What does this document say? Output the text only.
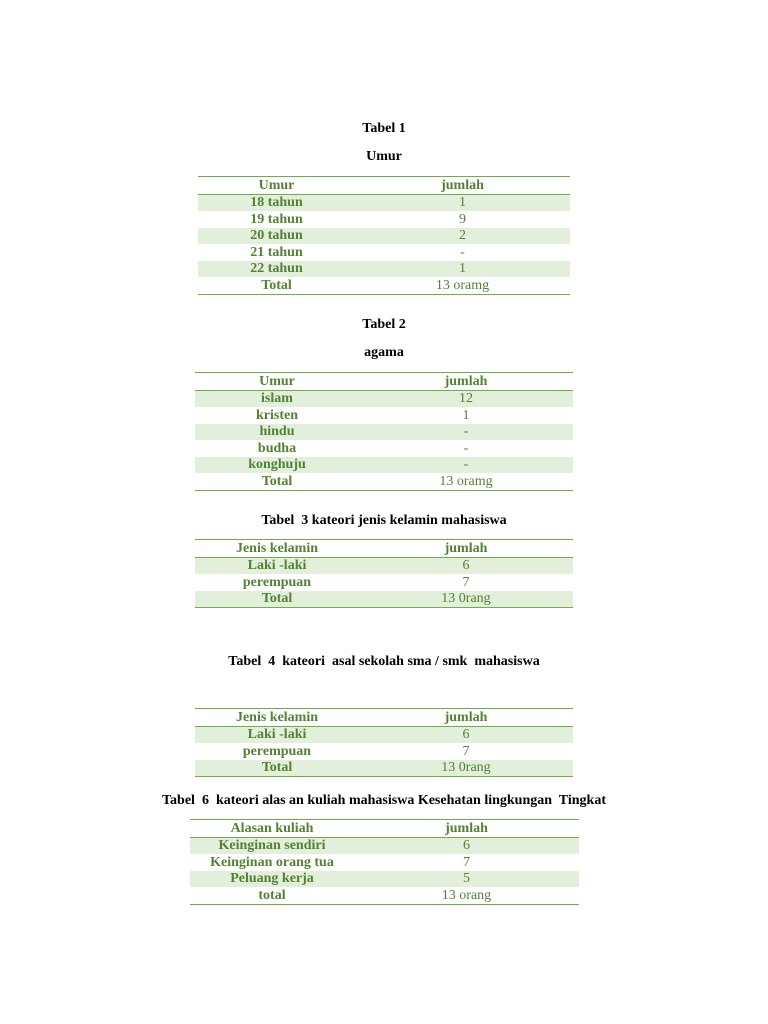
Tabel 1
Umur
Umur	jumlah
18 tahun	1
19 tahun	9
20 tahun	2
21 tahun	-
22 tahun	1
Total	13 oramg
Tabel 2
agama
Umur	jumlah
islam	12
kristen	1
hindu	-
budha	-
konghuju	-
Total	13 oramg
Tabel  3 kateori jenis kelamin mahasiswa
Jenis kelamin	jumlah
Laki -laki	6
perempuan	7
Total	13 0rang
Tabel  4  kateori  asal sekolah sma / smk  mahasiswa
Jenis kelamin	jumlah
Laki -laki	6
perempuan	7
Total	13 0rang
Tabel  6  kateori alas an kuliah mahasiswa Kesehatan lingkungan  Tingkat
Alasan kuliah	jumlah
Keinginan sendiri	6
Keinginan orang tua	7
Peluang kerja	5
total	13 orang
